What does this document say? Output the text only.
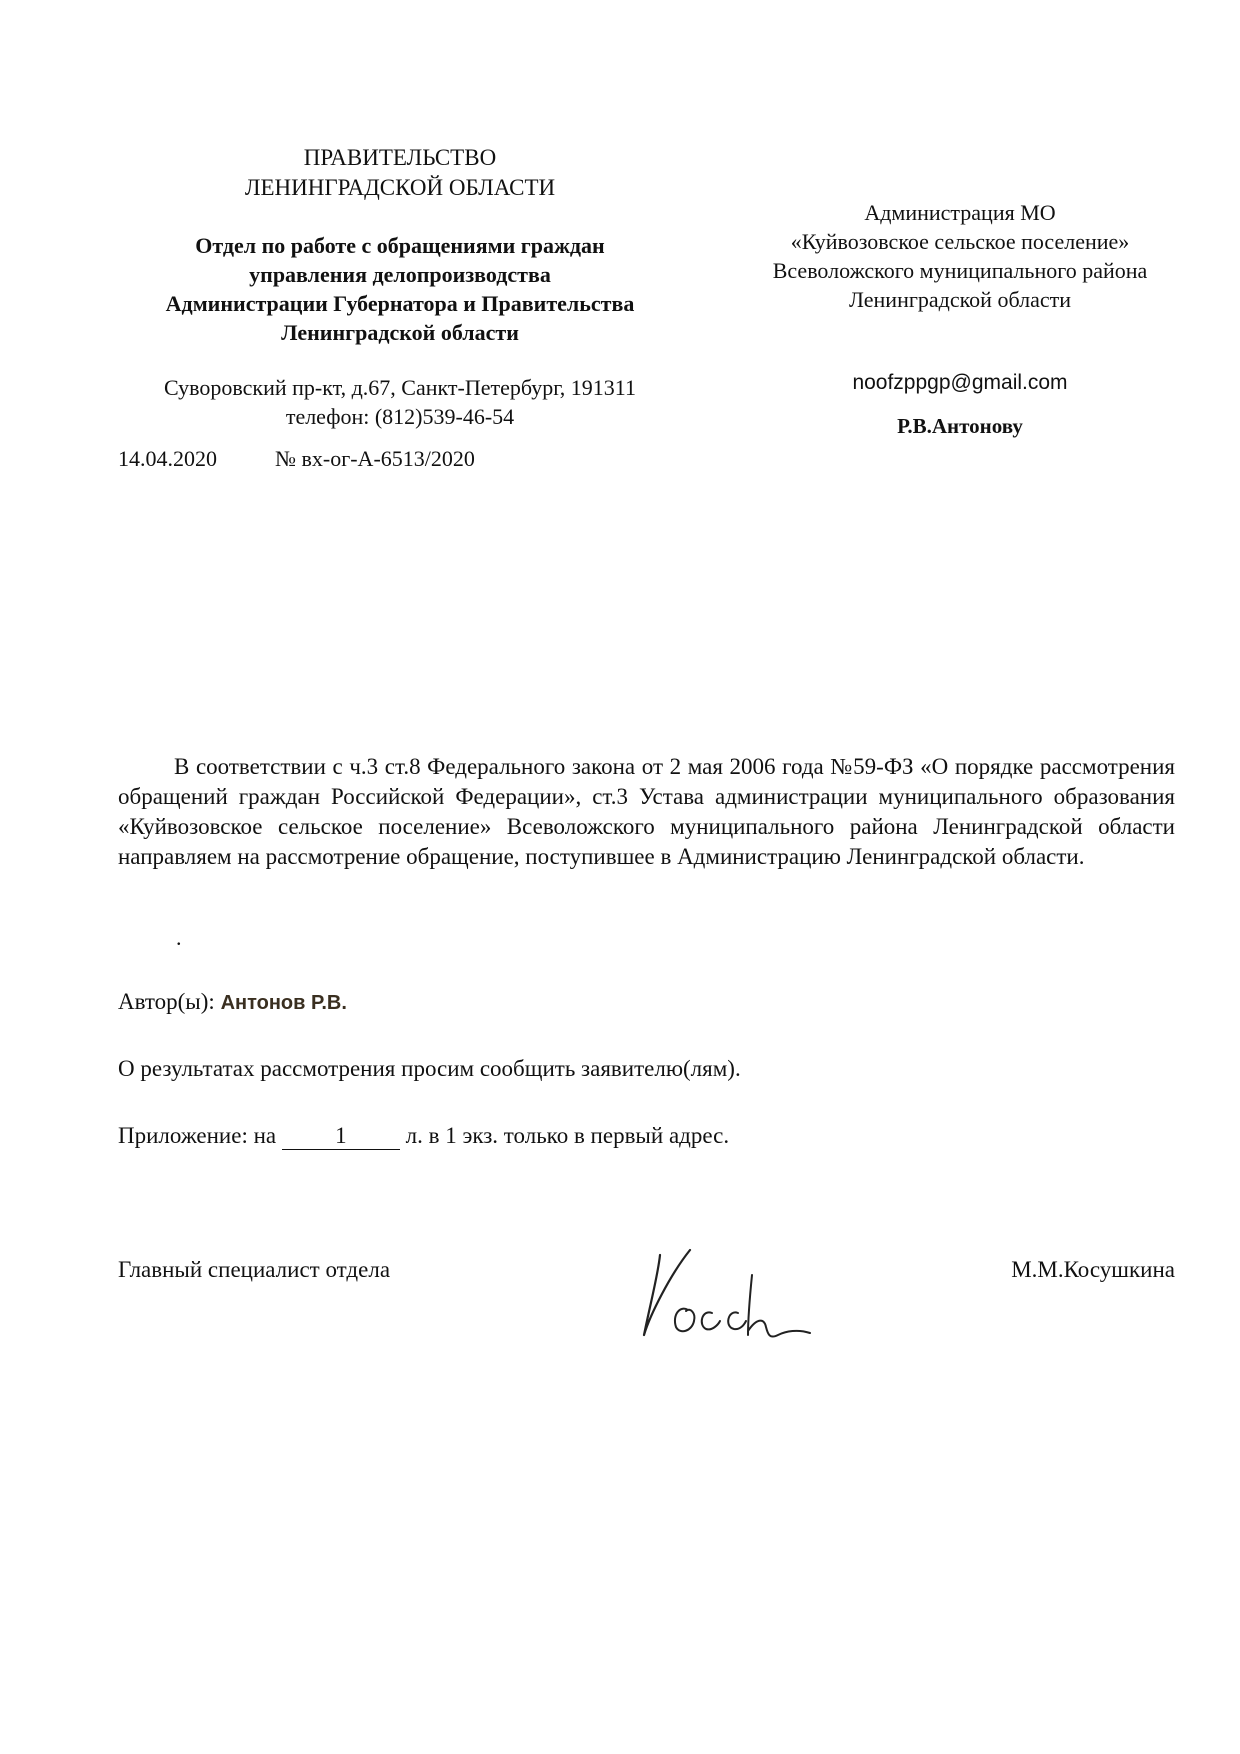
ПРАВИТЕЛЬСТВО
ЛЕНИНГРАДСКОЙ ОБЛАСТИ
Отдел по работе с обращениями граждан
управления делопроизводства
Администрации Губернатора и Правительства
Ленинградской области
Суворовский пр-кт, д.67, Санкт-Петербург, 191311
телефон: (812)539-46-54
14.04.2020	№ вх-ог-А-6513/2020
Администрация МО
«Куйвозовское сельское поселение»
Всеволожского муниципального района
Ленинградской области
noofzppgp@gmail.com
Р.В.Антонову
В соответствии с ч.3 ст.8 Федерального закона от 2 мая 2006 года №59-ФЗ «О порядке рассмотрения обращений граждан Российской Федерации», ст.3 Устава администрации муниципального образования «Куйвозовское сельское поселение» Всеволожского муниципального района Ленинградской области направляем на рассмотрение обращение, поступившее в Администрацию Ленинградской области.
.
Автор(ы): Антонов Р.В.
О результатах рассмотрения просим сообщить заявителю(лям).
Приложение: на 1 л. в 1 экз. только в первый адрес.
Главный специалист отдела	М.М.Косушкина
